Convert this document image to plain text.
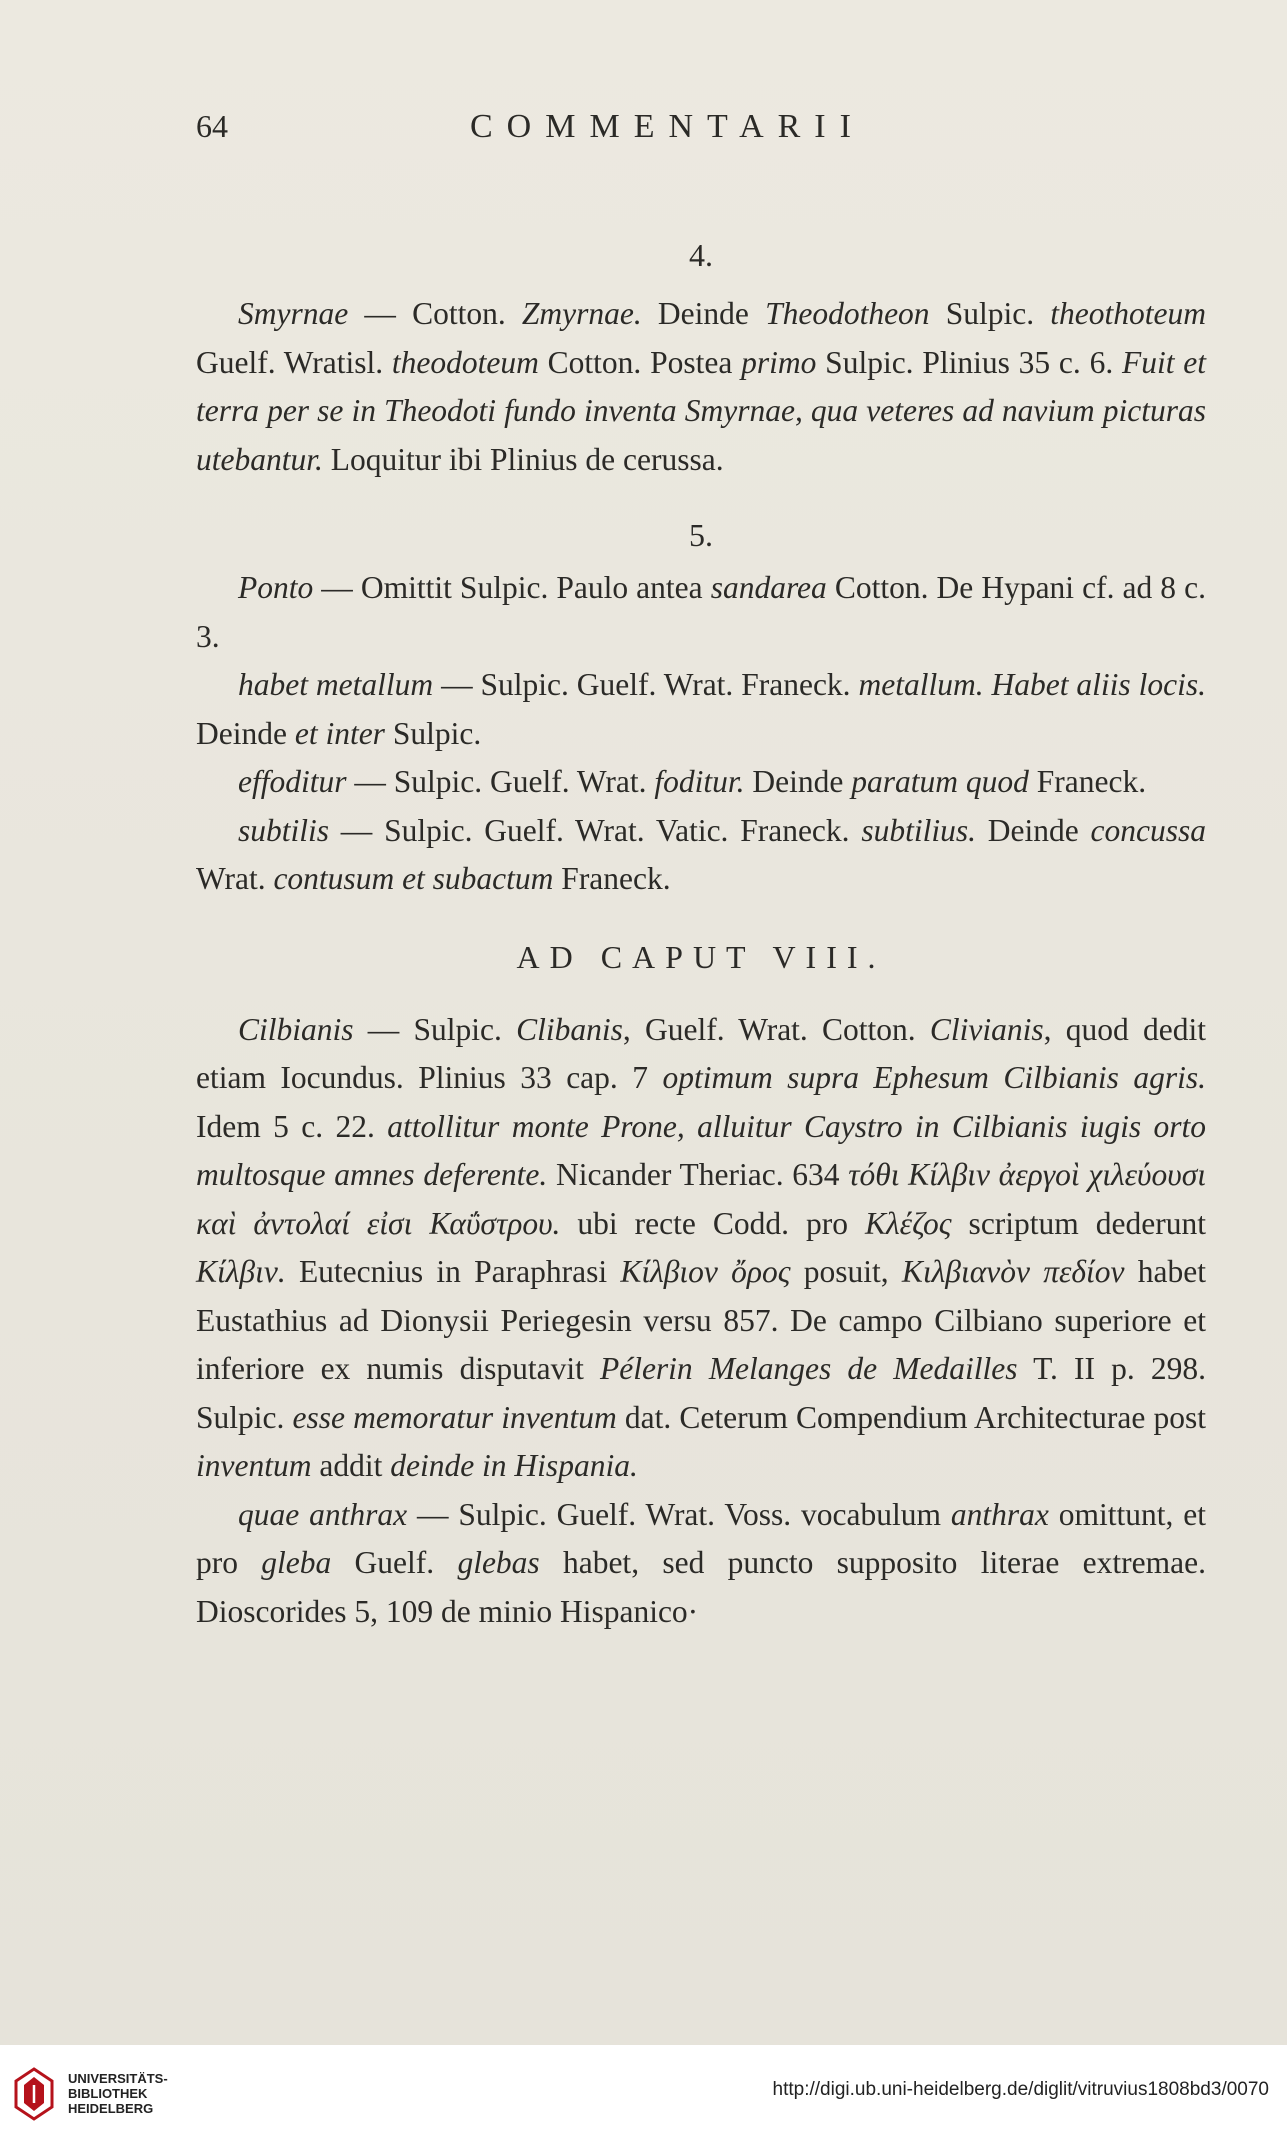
64	COMMENTARII
4.

Smyrnae — Cotton. Zmyrnae. Deinde Theodotheon Sulpic. theothoteum Guelf. Wratisl. theodoteum Cotton. Postea primo Sulpic. Plinius 35 c. 6. Fuit et terra per se in Theodoti fundo inventa Smyrnae, qua veteres ad navium picturas utebantur. Loquitur ibi Plinius de cerussa.

5.

Ponto — Omittit Sulpic. Paulo antea sandarea Cotton. De Hypani cf. ad 8 c. 3.

habet metallum — Sulpic. Guelf. Wrat. Franeck. metallum. Habet aliis locis. Deinde et inter Sulpic.

effoditur — Sulpic. Guelf. Wrat. foditur. Deinde paratum quod Franeck.

subtilis — Sulpic. Guelf. Wrat. Vatic. Franeck. subtilius. Deinde concussa Wrat. contusum et subactum Franeck.

AD CAPUT VIII.

Cilbianis — Sulpic. Clibanis, Guelf. Wrat. Cotton. Clivianis, quod dedit etiam Iocundus. Plinius 33 cap. 7 optimum supra Ephesum Cilbianis agris. Idem 5 c. 22. attollitur monte Prone, alluitur Caystro in Cilbianis iugis orto multosque amnes deferente. Nicander Theriac. 634 τόθι Κίλβιν ἀεργοὶ χιλεύουσι καὶ ἀντολαί εἰσι Καΰστρου. ubi recte Codd. pro Κλέζος scriptum dederunt Κίλβιν. Eutecnius in Paraphrasi Κίλβιον ὄρος posuit, Κιλβιανὸν πεδίον habet Eustathius ad Dionysii Periegesin versu 857. De campo Cilbiano superiore et inferiore ex numis disputavit Pélerin Melanges de Medailles T. II p. 298. Sulpic. esse memoratur inventum dat. Ceterum Compendium Architecturae post inventum addit deinde in Hispania.

quae anthrax — Sulpic. Guelf. Wrat. Voss. vocabulum anthrax omittunt, et pro gleba Guelf. glebas habet, sed puncto supposito literae extremae. Dioscorides 5, 109 de minio Hispanico·

UNIVERSITÄTS-
BIBLIOTHEK
HEIDELBERG
http://digi.ub.uni-heidelberg.de/diglit/vitruvius1808bd3/0070
